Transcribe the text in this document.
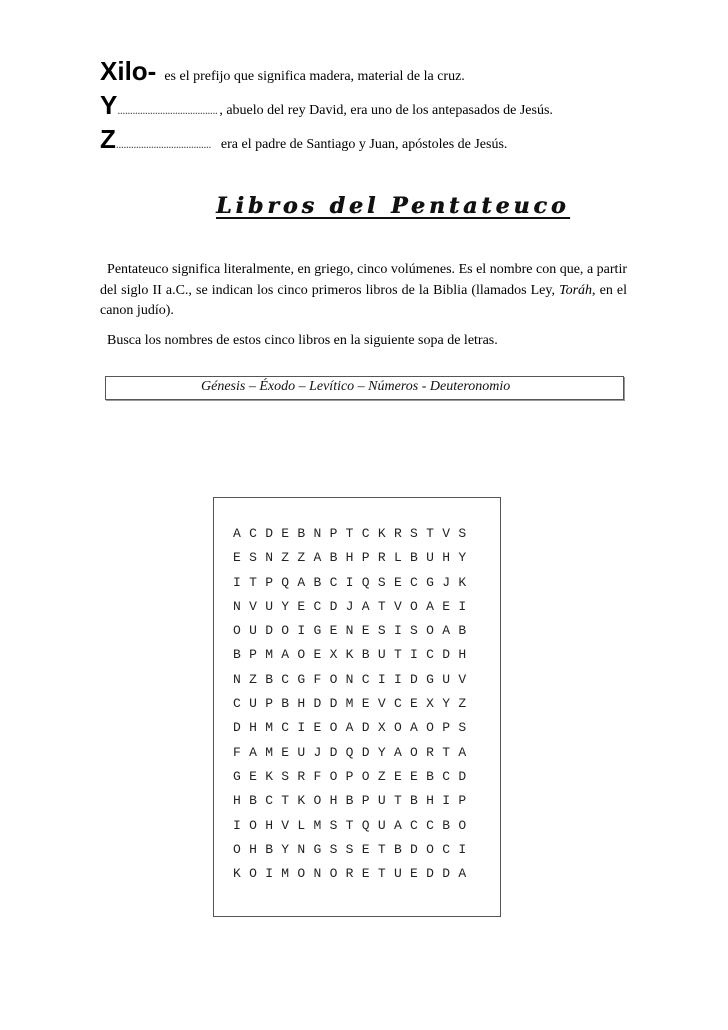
Xilo- es el prefijo que significa madera, material de la cruz.
Y ........................................ , abuelo del rey David, era uno de los antepasados de Jesús.
Z ...................................... era el padre de Santiago y Juan, apóstoles de Jesús.
Libros del Pentateuco

Pentateuco significa literalmente, en griego, cinco volúmenes. Es el nombre con que, a partir del siglo II a.C., se indican los cinco primeros libros de la Biblia (llamados Ley, Toráh, en el canon judío).

Busca los nombres de estos cinco libros en la siguiente sopa de letras.

Génesis – Éxodo – Levítico – Números - Deuteronomio
A C D E B N P T C K R S T V S
E S N Z Z A B H P R L B U H Y
I T P Q A B C I Q S E C G J K
N V U Y E C D J A T V O A E I
O U D O I G E N E S I S O A B
B P M A O E X K B U T I C D H
N Z B C G F O N C I I D G U V
C U P B H D D M E V C E X Y Z
D H M C I E O A D X O A O P S
F A M E U J D Q D Y A O R T A
G E K S R F O P O Z E E B C D
H B C T K O H B P U T B H I P
I O H V L M S T Q U A C C B O
O H B Y N G S S E T B D O C I
K O I M O N O R E T U E D D A
